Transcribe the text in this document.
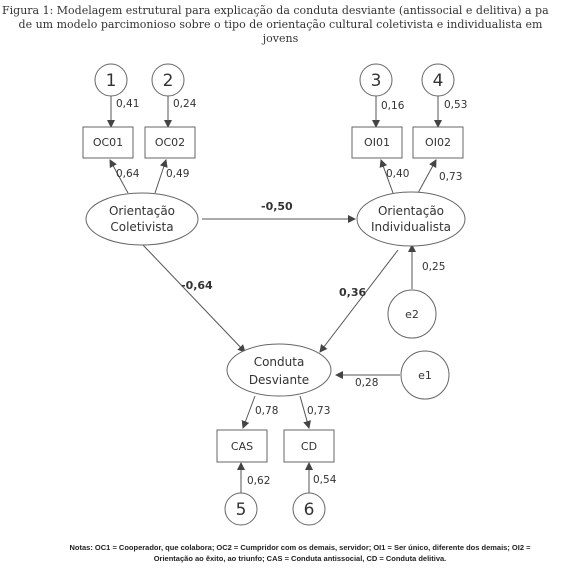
Figura 1: Modelagem estrutural para explicação da conduta desviante (antissocial e delitiva) a pa
de um modelo parcimonioso sobre o tipo de orientação cultural coletivista e individualista em
jovens
1	2	3	4
5	6
e2
e1
OC01	OC02	OI01	OI02
CAS	CD
Orientação
Coletivista
Orientação
Individualista
Conduta
Desviante
0,41	0,24	0,16	0,53
0,64	0,49	0,40	0,73
0,25
0,28
0,78	0,73
0,62	0,54
-0,50
-0,64
0,36
Notas: OC1 = Cooperador, que colabora; OC2 = Cumpridor com os demais, servidor; OI1 = Ser único, diferente dos demais; OI2 =
Orientação ao êxito, ao triunfo; CAS = Conduta antissocial, CD = Conduta delitiva.
